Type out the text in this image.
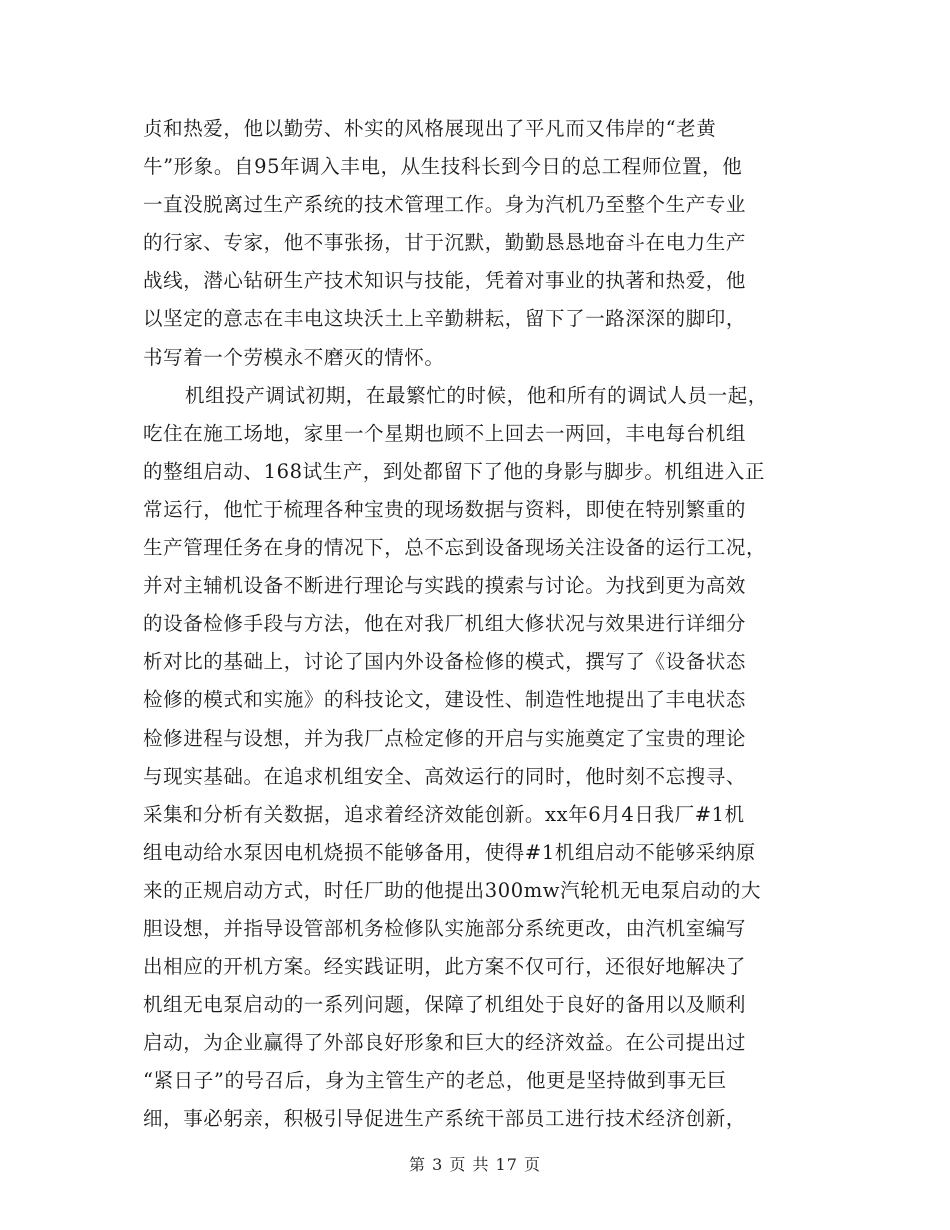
贞和热爱，他以勤劳、朴实的风格展现出了平凡而又伟岸的“老黄
牛”形象。自95年调入丰电，从生技科长到今日的总工程师位置，他
一直没脱离过生产系统的技术管理工作。身为汽机乃至整个生产专业
的行家、专家，他不事张扬，甘于沉默，勤勤恳恳地奋斗在电力生产
战线，潜心钻研生产技术知识与技能，凭着对事业的执著和热爱，他
以坚定的意志在丰电这块沃土上辛勤耕耘，留下了一路深深的脚印，
书写着一个劳模永不磨灭的情怀。
机组投产调试初期，在最繁忙的时候，他和所有的调试人员一起，
吃住在施工场地，家里一个星期也顾不上回去一两回，丰电每台机组
的整组启动、168试生产，到处都留下了他的身影与脚步。机组进入正
常运行，他忙于梳理各种宝贵的现场数据与资料，即使在特别繁重的
生产管理任务在身的情况下，总不忘到设备现场关注设备的运行工况，
并对主辅机设备不断进行理论与实践的摸索与讨论。为找到更为高效
的设备检修手段与方法，他在对我厂机组大修状况与效果进行详细分
析对比的基础上，讨论了国内外设备检修的模式，撰写了《设备状态
检修的模式和实施》的科技论文，建设性、制造性地提出了丰电状态
检修进程与设想，并为我厂点检定修的开启与实施奠定了宝贵的理论
与现实基础。在追求机组安全、高效运行的同时，他时刻不忘搜寻、
采集和分析有关数据，追求着经济效能创新。xx年6月4日我厂#1机
组电动给水泵因电机烧损不能够备用，使得#1机组启动不能够采纳原
来的正规启动方式，时任厂助的他提出300mw汽轮机无电泵启动的大
胆设想，并指导设管部机务检修队实施部分系统更改，由汽机室编写
出相应的开机方案。经实践证明，此方案不仅可行，还很好地解决了
机组无电泵启动的一系列问题，保障了机组处于良好的备用以及顺利
启动，为企业赢得了外部良好形象和巨大的经济效益。在公司提出过
“紧日子”的号召后，身为主管生产的老总，他更是坚持做到事无巨
细，事必躬亲，积极引导促进生产系统干部员工进行技术经济创新，
第 3 页 共 17 页
